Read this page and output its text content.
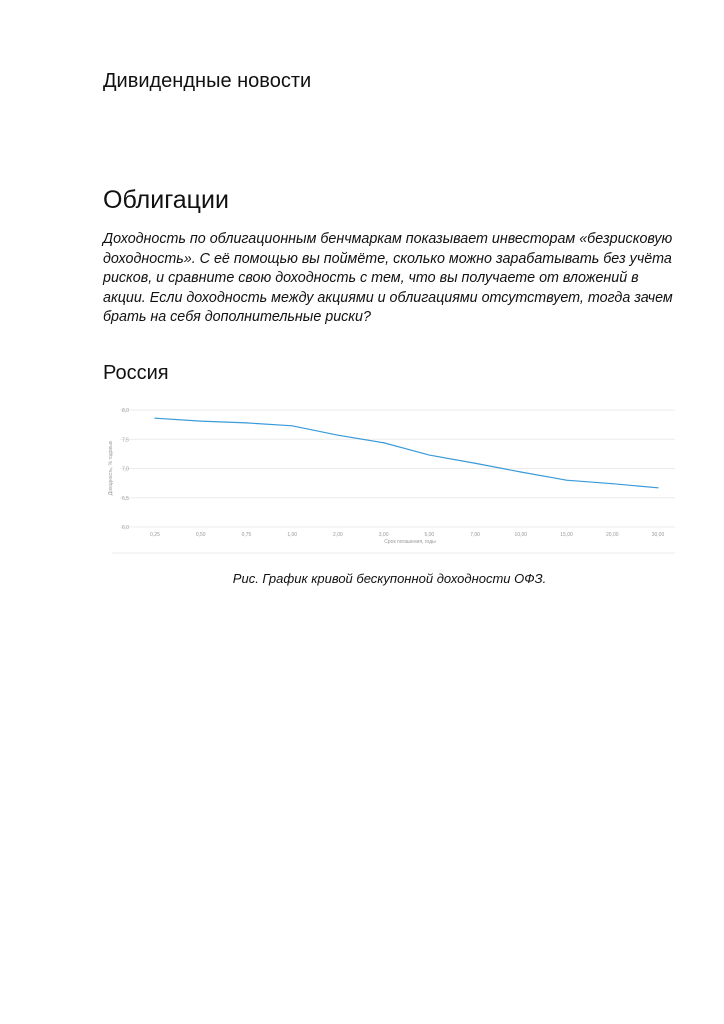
Дивидендные новости
Облигации
Доходность по облигационным бенчмаркам показывает инвесторам «безрисковую доходность». С её помощью вы поймёте, сколько можно зарабатывать без учёта рисков, и сравните свою доходность с тем, что вы получаете от вложений в акции. Если доходность между акциями и облигациями отсутствует, тогда зачем брать на себя дополнительные риски?
Россия
8,0
7,5
7,0
6,5
6,0
0,25	0,50	0,75	1,00	2,00	3,00	5,00	7,00	10,00	15,00	20,00	30,00
Срок погашения, годы
Доходность, % годовых
Рис. График кривой бескупонной доходности ОФЗ.
